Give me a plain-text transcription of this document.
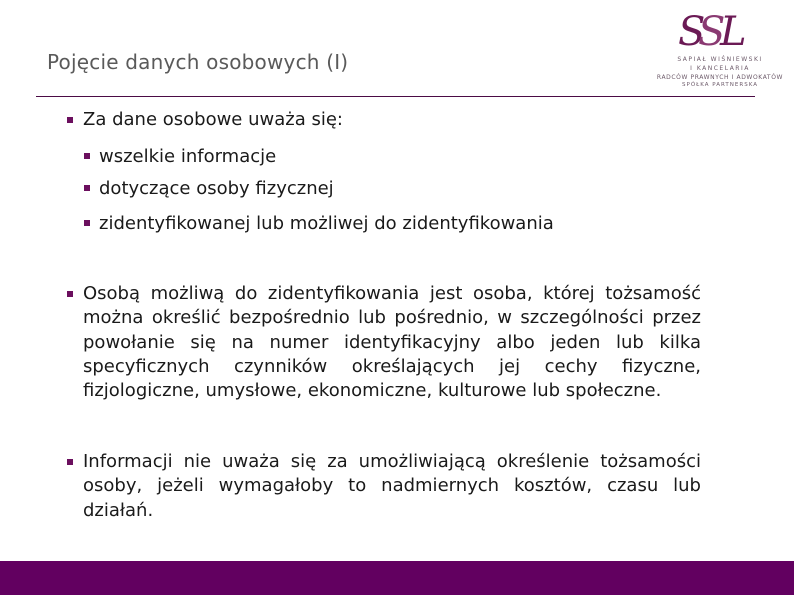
Pojęcie danych osobowych (I)
S
S L
SAPIAŁ WIŚNIEWSKI
I KANCELARIA
RADCÓW PRAWNYCH I ADWOKATÓW
SPÓŁKA PARTNERSKA
Za dane osobowe uważa się:
wszelkie informacje
dotyczące osoby fizycznej
zidentyfikowanej lub możliwej do zidentyfikowania
Osobą możliwą do zidentyfikowania jest osoba, której tożsamość można określić bezpośrednio lub pośrednio, w szczególności przez powołanie się na numer identyfikacyjny albo jeden lub kilka specyficznych czynników określających jej cechy fizyczne, fizjologiczne, umysłowe, ekonomiczne, kulturowe lub społeczne.
Informacji nie uważa się za umożliwiającą określenie tożsamości osoby, jeżeli wymagałoby to nadmiernych kosztów, czasu lub działań.
